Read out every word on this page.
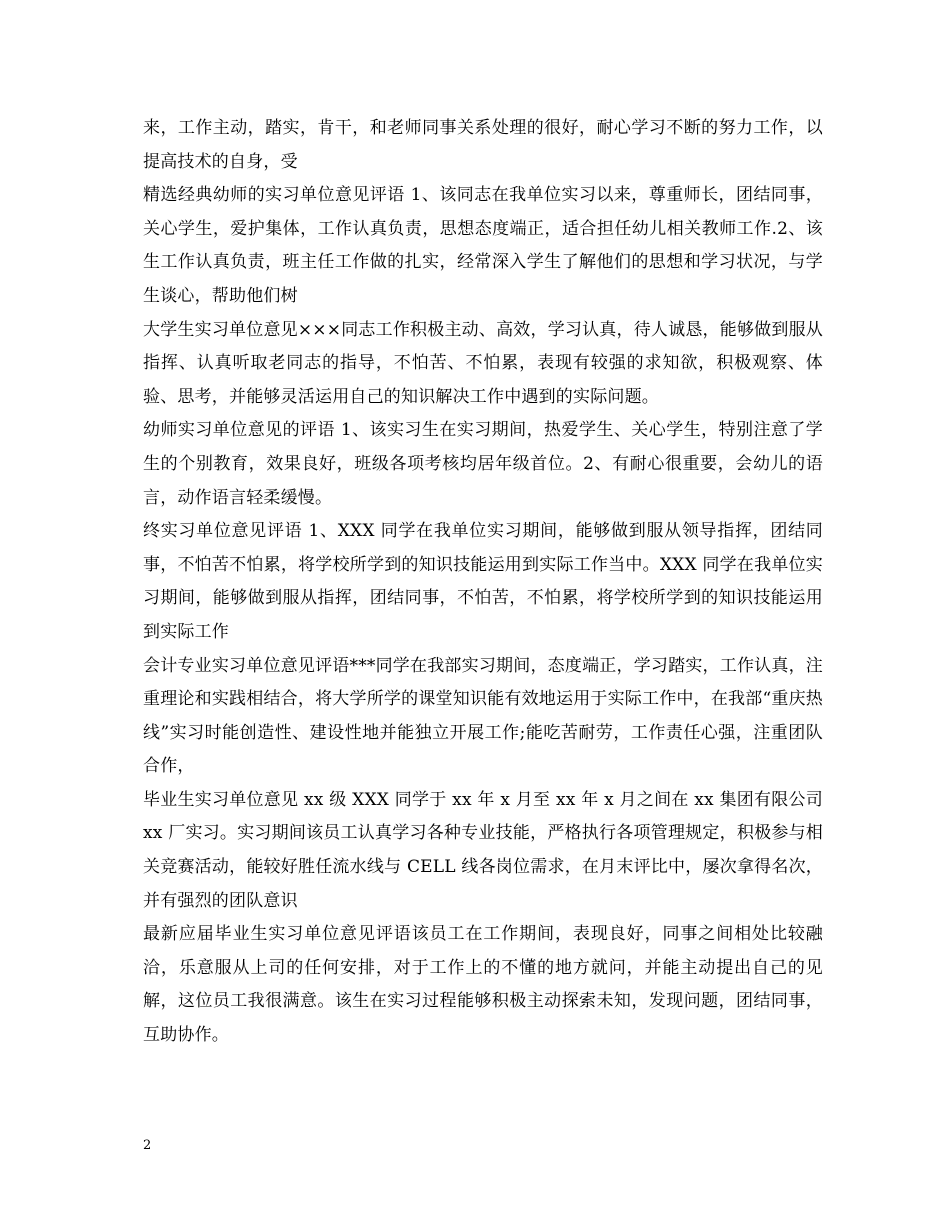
来，工作主动，踏实，肯干，和老师同事关系处理的很好，耐心学习不断的努力工作，以提高技术的自身，受

精选经典幼师的实习单位意见评语 1、该同志在我单位实习以来，尊重师长，团结同事，关心学生，爱护集体，工作认真负责，思想态度端正，适合担任幼儿相关教师工作.2、该生工作认真负责，班主任工作做的扎实，经常深入学生了解他们的思想和学习状况，与学生谈心，帮助他们树

大学生实习单位意见×××同志工作积极主动、高效，学习认真，待人诚恳，能够做到服从指挥、认真听取老同志的指导，不怕苦、不怕累，表现有较强的求知欲，积极观察、体验、思考，并能够灵活运用自己的知识解决工作中遇到的实际问题。

幼师实习单位意见的评语 1、该实习生在实习期间，热爱学生、关心学生，特别注意了学生的个别教育，效果良好，班级各项考核均居年级首位。2、有耐心很重要，会幼儿的语言，动作语言轻柔缓慢。

终实习单位意见评语 1、XXX 同学在我单位实习期间，能够做到服从领导指挥，团结同事，不怕苦不怕累，将学校所学到的知识技能运用到实际工作当中。XXX 同学在我单位实习期间，能够做到服从指挥，团结同事，不怕苦，不怕累，将学校所学到的知识技能运用到实际工作

会计专业实习单位意见评语***同学在我部实习期间，态度端正，学习踏实，工作认真，注重理论和实践相结合，将大学所学的课堂知识能有效地运用于实际工作中，在我部“重庆热线”实习时能创造性、建设性地并能独立开展工作;能吃苦耐劳，工作责任心强，注重团队合作，

毕业生实习单位意见 xx 级 XXX 同学于 xx 年 x 月至 xx 年 x 月之间在 xx 集团有限公司 xx 厂实习。实习期间该员工认真学习各种专业技能，严格执行各项管理规定，积极参与相关竞赛活动，能较好胜任流水线与 CELL 线各岗位需求，在月末评比中，屡次拿得名次，并有强烈的团队意识

最新应届毕业生实习单位意见评语该员工在工作期间，表现良好，同事之间相处比较融洽，乐意服从上司的任何安排，对于工作上的不懂的地方就问，并能主动提出自己的见解，这位员工我很满意。该生在实习过程能够积极主动探索未知，发现问题，团结同事，互助协作。

2
